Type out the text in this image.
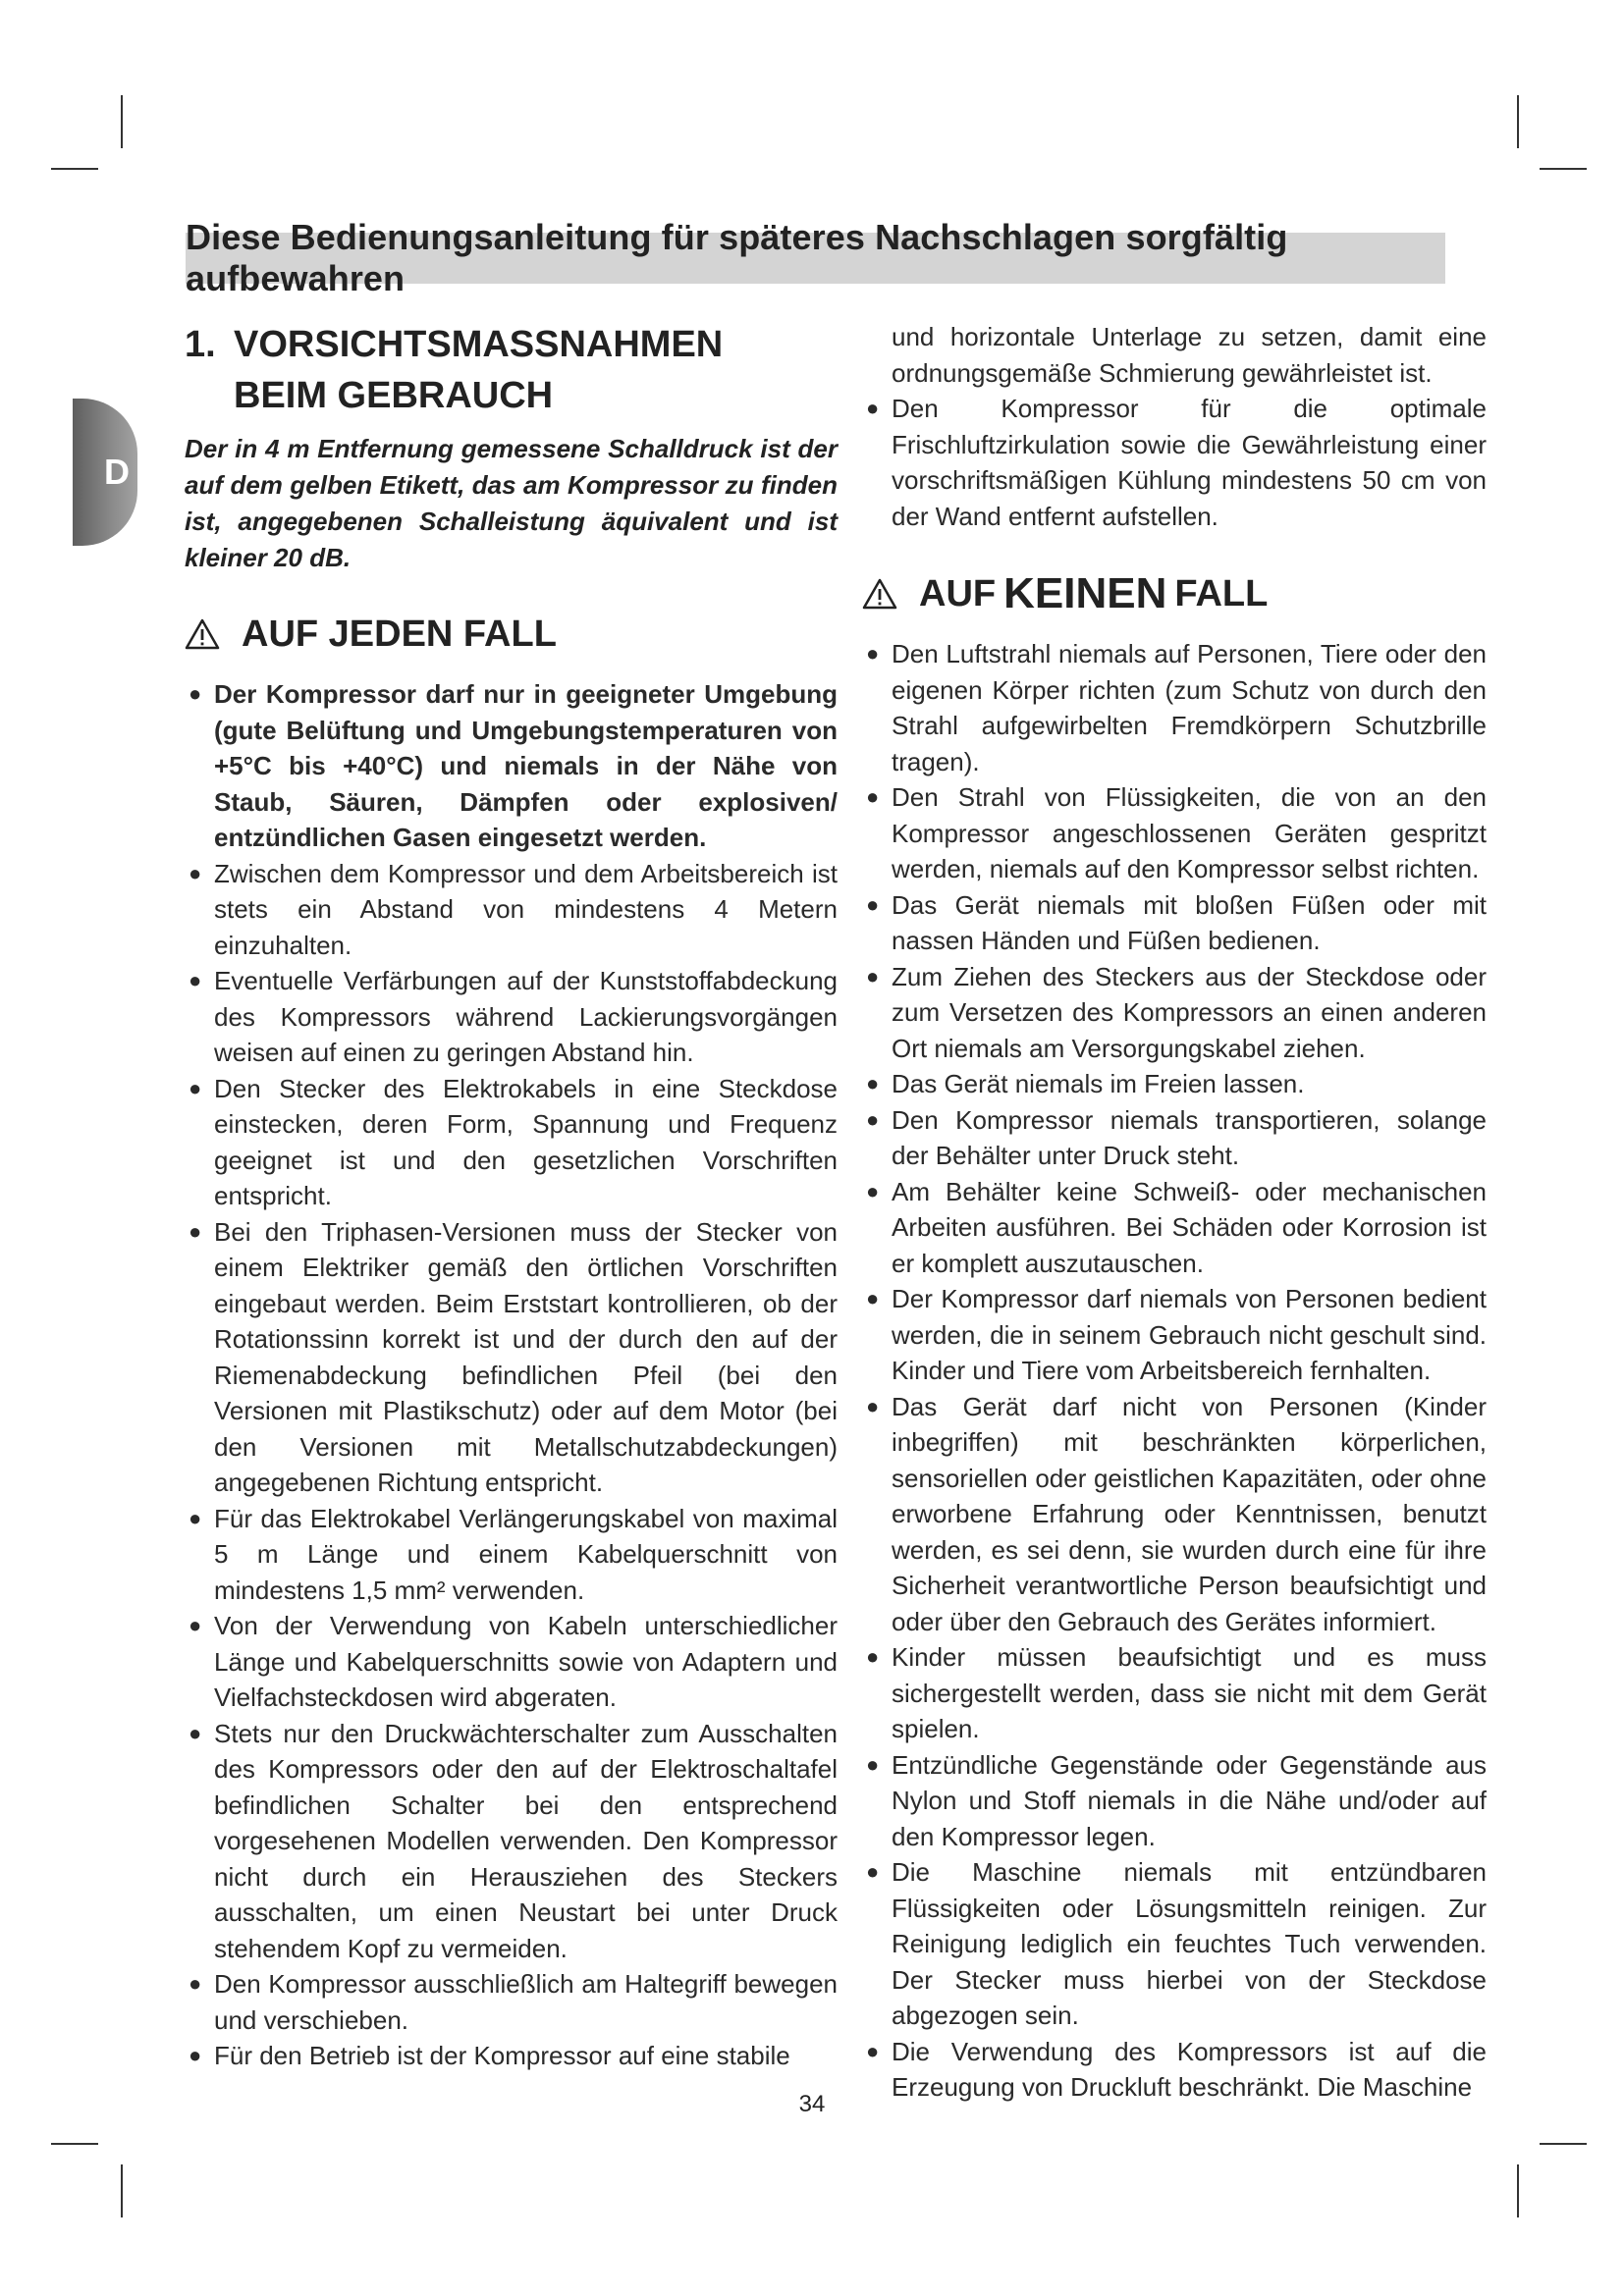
Diese Bedienungsanleitung für späteres Nachschlagen sorgfältig aufbewahren
D
1. VORSICHTSMASSNAHMEN BEIM GEBRAUCH

Der in 4 m Entfernung gemessene Schalldruck ist der auf dem gelben Etikett, das am Kompressor zu finden ist, angegebenen Schalleistung äquivalent und ist kleiner 20 dB.

AUF JEDEN FALL
● Der Kompressor darf nur in geeigneter Umgebung (gute Belüftung und Umgebungstemperaturen von +5°C bis +40°C) und niemals in der Nähe von Staub, Säuren, Dämpfen oder explosiven/ entzündlichen Gasen eingesetzt werden.
● Zwischen dem Kompressor und dem Arbeitsbereich ist stets ein Abstand von mindestens 4 Metern einzuhalten.
● Eventuelle Verfärbungen auf der Kunststoffabdeckung des Kompressors während Lackierungsvorgängen weisen auf einen zu geringen Abstand hin.
● Den Stecker des Elektrokabels in eine Steckdose einstecken, deren Form, Spannung und Frequenz geeignet ist und den gesetzlichen Vorschriften entspricht.
● Bei den Triphasen-Versionen muss der Stecker von einem Elektriker gemäß den örtlichen Vorschriften eingebaut werden. Beim Erststart kontrollieren, ob der Rotationssinn korrekt ist und der durch den auf der Riemenabdeckung befindlichen Pfeil (bei den Versionen mit Plastikschutz) oder auf dem Motor (bei den Versionen mit Metallschutzabdeckungen) angegebenen Richtung entspricht.
● Für das Elektrokabel Verlängerungskabel von maximal 5 m Länge und einem Kabelquerschnitt von mindestens 1,5 mm² verwenden.
● Von der Verwendung von Kabeln unterschiedlicher Länge und Kabelquerschnitts sowie von Adaptern und Vielfachsteckdosen wird abgeraten.
● Stets nur den Druckwächterschalter zum Ausschalten des Kompressors oder den auf der Elektroschaltafel befindlichen Schalter bei den entsprechend vorgesehenen Modellen verwenden. Den Kompressor nicht durch ein Herausziehen des Steckers ausschalten, um einen Neustart bei unter Druck stehendem Kopf zu vermeiden.
● Den Kompressor ausschließlich am Haltegriff bewegen und verschieben.
● Für den Betrieb ist der Kompressor auf eine stabile

und horizontale Unterlage zu setzen, damit eine ordnungsgemäße Schmierung gewährleistet ist.

● Den Kompressor für die optimale Frischluftzirkulation sowie die Gewährleistung einer vorschriftsmäßigen Kühlung mindestens 50 cm von der Wand entfernt aufstellen.
AUF KEINEN FALL
● Den Luftstrahl niemals auf Personen, Tiere oder den eigenen Körper richten (zum Schutz von durch den Strahl aufgewirbelten Fremdkörpern Schutzbrille tragen).
● Den Strahl von Flüssigkeiten, die von an den Kompressor angeschlossenen Geräten gespritzt werden, niemals auf den Kompressor selbst richten.
● Das Gerät niemals mit bloßen Füßen oder mit nassen Händen und Füßen bedienen.
● Zum Ziehen des Steckers aus der Steckdose oder zum Versetzen des Kompressors an einen anderen Ort niemals am Versorgungskabel ziehen.
● Das Gerät niemals im Freien lassen.
● Den Kompressor niemals transportieren, solange der Behälter unter Druck steht.
● Am Behälter keine Schweiß- oder mechanischen Arbeiten ausführen. Bei Schäden oder Korrosion ist er komplett auszutauschen.
● Der Kompressor darf niemals von Personen bedient werden, die in seinem Gebrauch nicht geschult sind. Kinder und Tiere vom Arbeitsbereich fernhalten.
● Das Gerät darf nicht von Personen (Kinder inbegriffen) mit beschränkten körperlichen, sensoriellen oder geistlichen Kapazitäten, oder ohne erworbene Erfahrung oder Kenntnissen, benutzt werden, es sei denn, sie wurden durch eine für ihre Sicherheit verantwortliche Person beaufsichtigt und oder über den Gebrauch des Gerätes informiert.
● Kinder müssen beaufsichtigt und es muss sichergestellt werden, dass sie nicht mit dem Gerät spielen.
● Entzündliche Gegenstände oder Gegenstände aus Nylon und Stoff niemals in die Nähe und/oder auf den Kompressor legen.
● Die Maschine niemals mit entzündbaren Flüssigkeiten oder Lösungsmitteln reinigen. Zur Reinigung lediglich ein feuchtes Tuch verwenden. Der Stecker muss hierbei von der Steckdose abgezogen sein.
● Die Verwendung des Kompressors ist auf die Erzeugung von Druckluft beschränkt. Die Maschine
34
